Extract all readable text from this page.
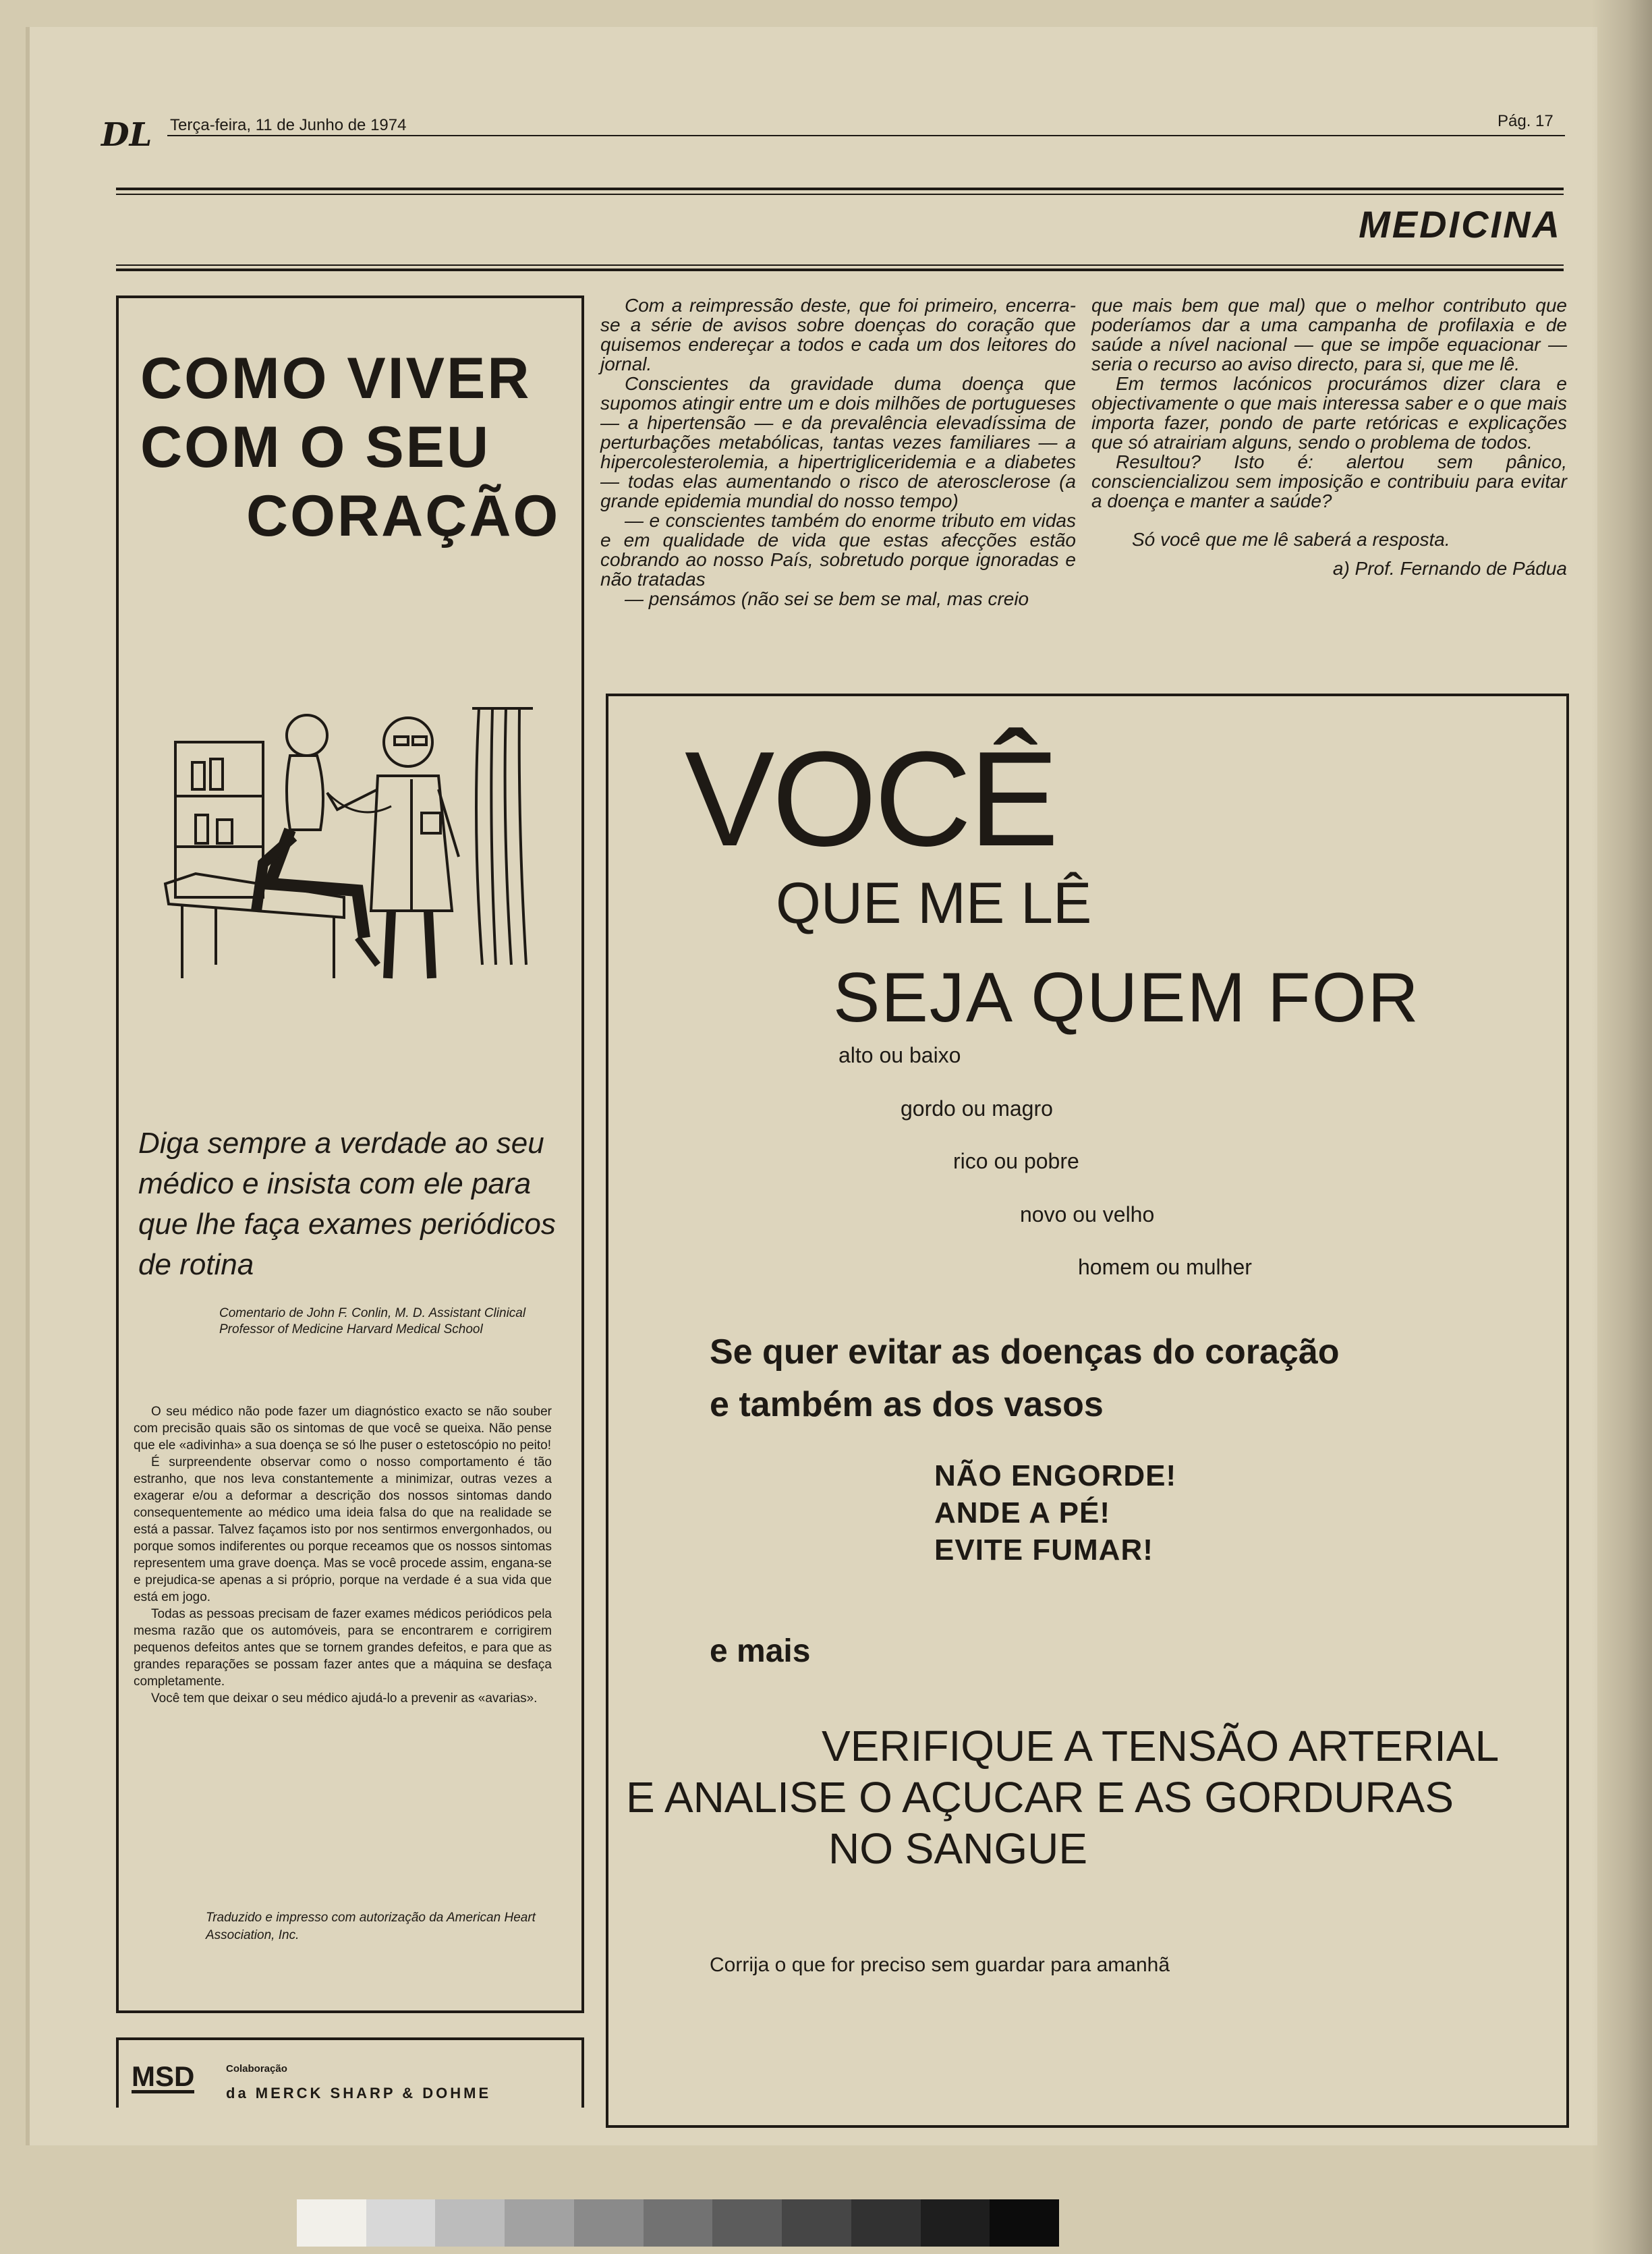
DL Terça-feira, 11 de Junho de 1974	Pág. 17
MEDICINA
COMO VIVER
COM O SEU
CORAÇÃO
Diga sempre a verdade ao seu médico e insista com ele para que lhe faça exames periódicos de rotina
Comentario de John F. Conlin, M. D. Assistant Clinical Professor of Medicine Harvard Medical School

O seu médico não pode fazer um diagnóstico exacto se não souber com precisão quais são os sintomas de que você se queixa. Não pense que ele «adivinha» a sua doença se só lhe puser o estetoscópio no peito!

É surpreendente observar como o nosso comportamento é tão estranho, que nos leva constantemente a minimizar, outras vezes a exagerar e/ou a deformar a descrição dos nossos sintomas dando consequentemente ao médico uma ideia falsa do que na realidade se está a passar. Talvez façamos isto por nos sentirmos envergonhados, ou porque somos indiferentes ou porque receamos que os nossos sintomas representem uma grave doença. Mas se você procede assim, engana-se e prejudica-se apenas a si próprio, porque na verdade é a sua vida que está em jogo.

Todas as pessoas precisam de fazer exames médicos periódicos pela mesma razão que os automóveis, para se encontrarem e corrigirem pequenos defeitos antes que se tornem grandes defeitos, e para que as grandes reparações se possam fazer antes que a máquina se desfaça completamente.

Você tem que deixar o seu médico ajudá-lo a prevenir as «avarias».

Traduzido e impresso com autorização da American Heart Association, Inc.
MSD	Colaboração
da MERCK SHARP & DOHME

Com a reimpressão deste, que foi primeiro, encerra-se a série de avisos sobre doenças do coração que quisemos endereçar a todos e cada um dos leitores do jornal.

Conscientes da gravidade duma doença que supomos atingir entre um e dois milhões de portugueses — a hipertensão — e da prevalência elevadíssima de perturbações metabólicas, tantas vezes familiares — a hipercolesterolemia, a hipertrigliceridemia e a diabetes — todas elas aumentando o risco de aterosclerose (a grande epidemia mundial do nosso tempo)

— e conscientes também do enorme tributo em vidas e em qualidade de vida que estas afecções estão cobrando ao nosso País, sobretudo porque ignoradas e não tratadas

— pensámos (não sei se bem se mal, mas creio

que mais bem que mal) que o melhor contributo que poderíamos dar a uma campanha de profilaxia e de saúde a nível nacional — que se impõe equacionar — seria o recurso ao aviso directo, para si, que me lê.

Em termos lacónicos procurámos dizer clara e objectivamente o que mais interessa saber e o que mais importa fazer, pondo de parte retóricas e explicações que só atrairiam alguns, sendo o problema de todos.

Resultou? Isto é: alertou sem pânico, consciencializou sem imposição e contribuiu para evitar a doença e manter a saúde?

Só você que me lê saberá a resposta.

a) Prof. Fernando de Pádua

VOCÊ
QUE ME LÊ
SEJA QUEM FOR
alto ou baixo
gordo ou magro
rico ou pobre
novo ou velho
homem ou mulher
Se quer evitar as doenças do coração
e também as dos vasos
NÃO ENGORDE!
ANDE A PÉ!
EVITE FUMAR!
e mais
VERIFIQUE A TENSÃO ARTERIAL
E ANALISE O AÇUCAR E AS GORDURAS
NO SANGUE
Corrija o que for preciso sem guardar para amanhã
